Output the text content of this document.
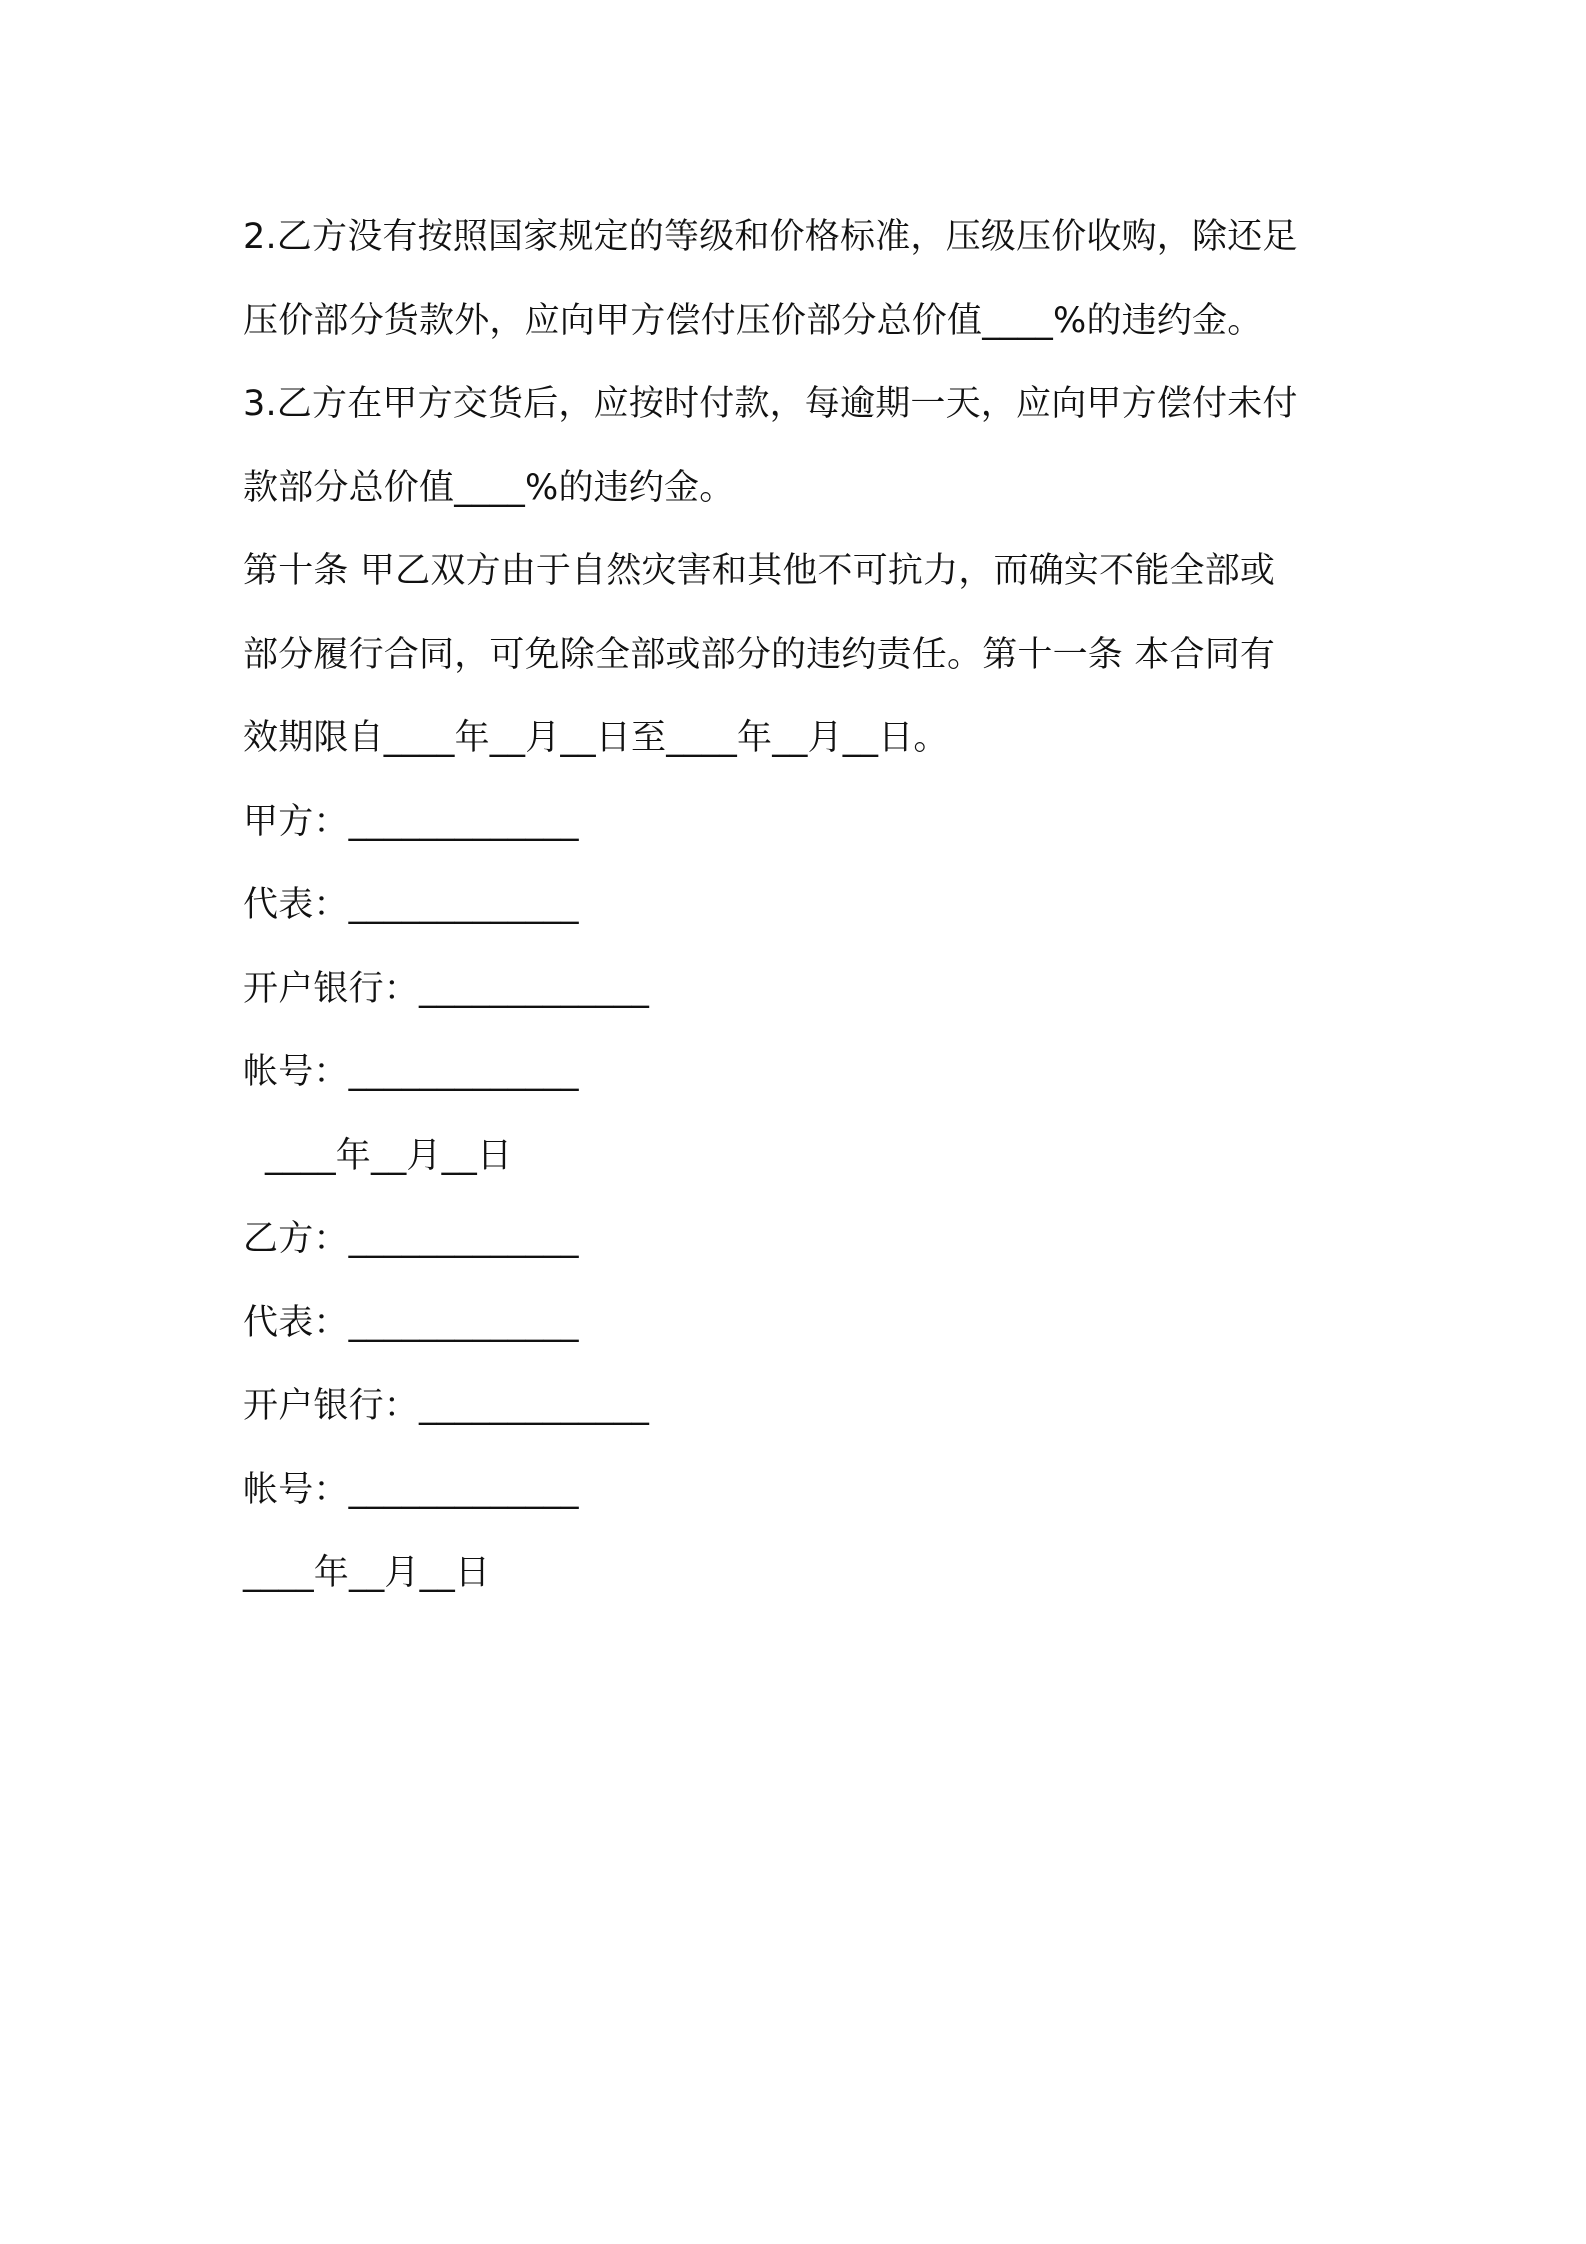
2.乙方没有按照国家规定的等级和价格标准，压级压价收购，除还足
压价部分货款外，应向甲方偿付压价部分总价值____%的违约金。
3.乙方在甲方交货后，应按时付款，每逾期一天，应向甲方偿付未付
款部分总价值____%的违约金。
第十条 甲乙双方由于自然灾害和其他不可抗力，而确实不能全部或
部分履行合同，可免除全部或部分的违约责任。第十一条 本合同有
效期限自____年__月__日至____年__月__日。
甲方：_____________
代表：_____________
开户银行：_____________
帐号：_____________
____年__月__日
乙方：_____________
代表：_____________
开户银行：_____________
帐号：_____________
____年__月__日
